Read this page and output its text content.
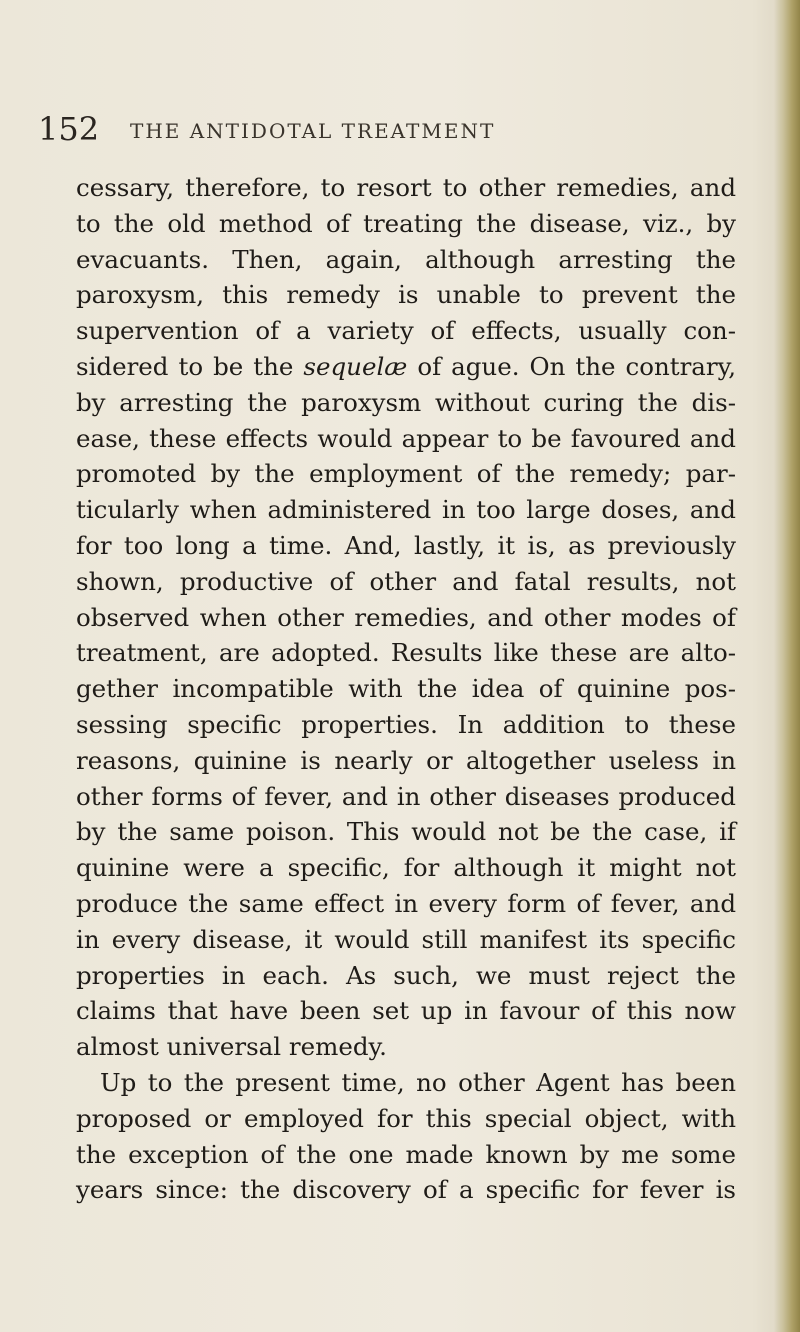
152 THE ANTIDOTAL TREATMENT
cessary, therefore, to resort to other remedies, and
to the old method of treating the disease, viz., by
evacuants. Then, again, although arresting the
paroxysm, this remedy is unable to prevent the
supervention of a variety of effects, usually con-
sidered to be the sequelæ of ague. On the contrary,
by arresting the paroxysm without curing the dis-
ease, these effects would appear to be favoured and
promoted by the employment of the remedy; par-
ticularly when administered in too large doses, and
for too long a time. And, lastly, it is, as previously
shown, productive of other and fatal results, not
observed when other remedies, and other modes of
treatment, are adopted. Results like these are alto-
gether incompatible with the idea of quinine pos-
sessing specific properties. In addition to these
reasons, quinine is nearly or altogether useless in
other forms of fever, and in other diseases produced
by the same poison. This would not be the case, if
quinine were a specific, for although it might not
produce the same effect in every form of fever, and
in every disease, it would still manifest its specific
properties in each. As such, we must reject the
claims that have been set up in favour of this now
almost universal remedy.
Up to the present time, no other Agent has been
proposed or employed for this special object, with
the exception of the one made known by me some
years since: the discovery of a specific for fever is
